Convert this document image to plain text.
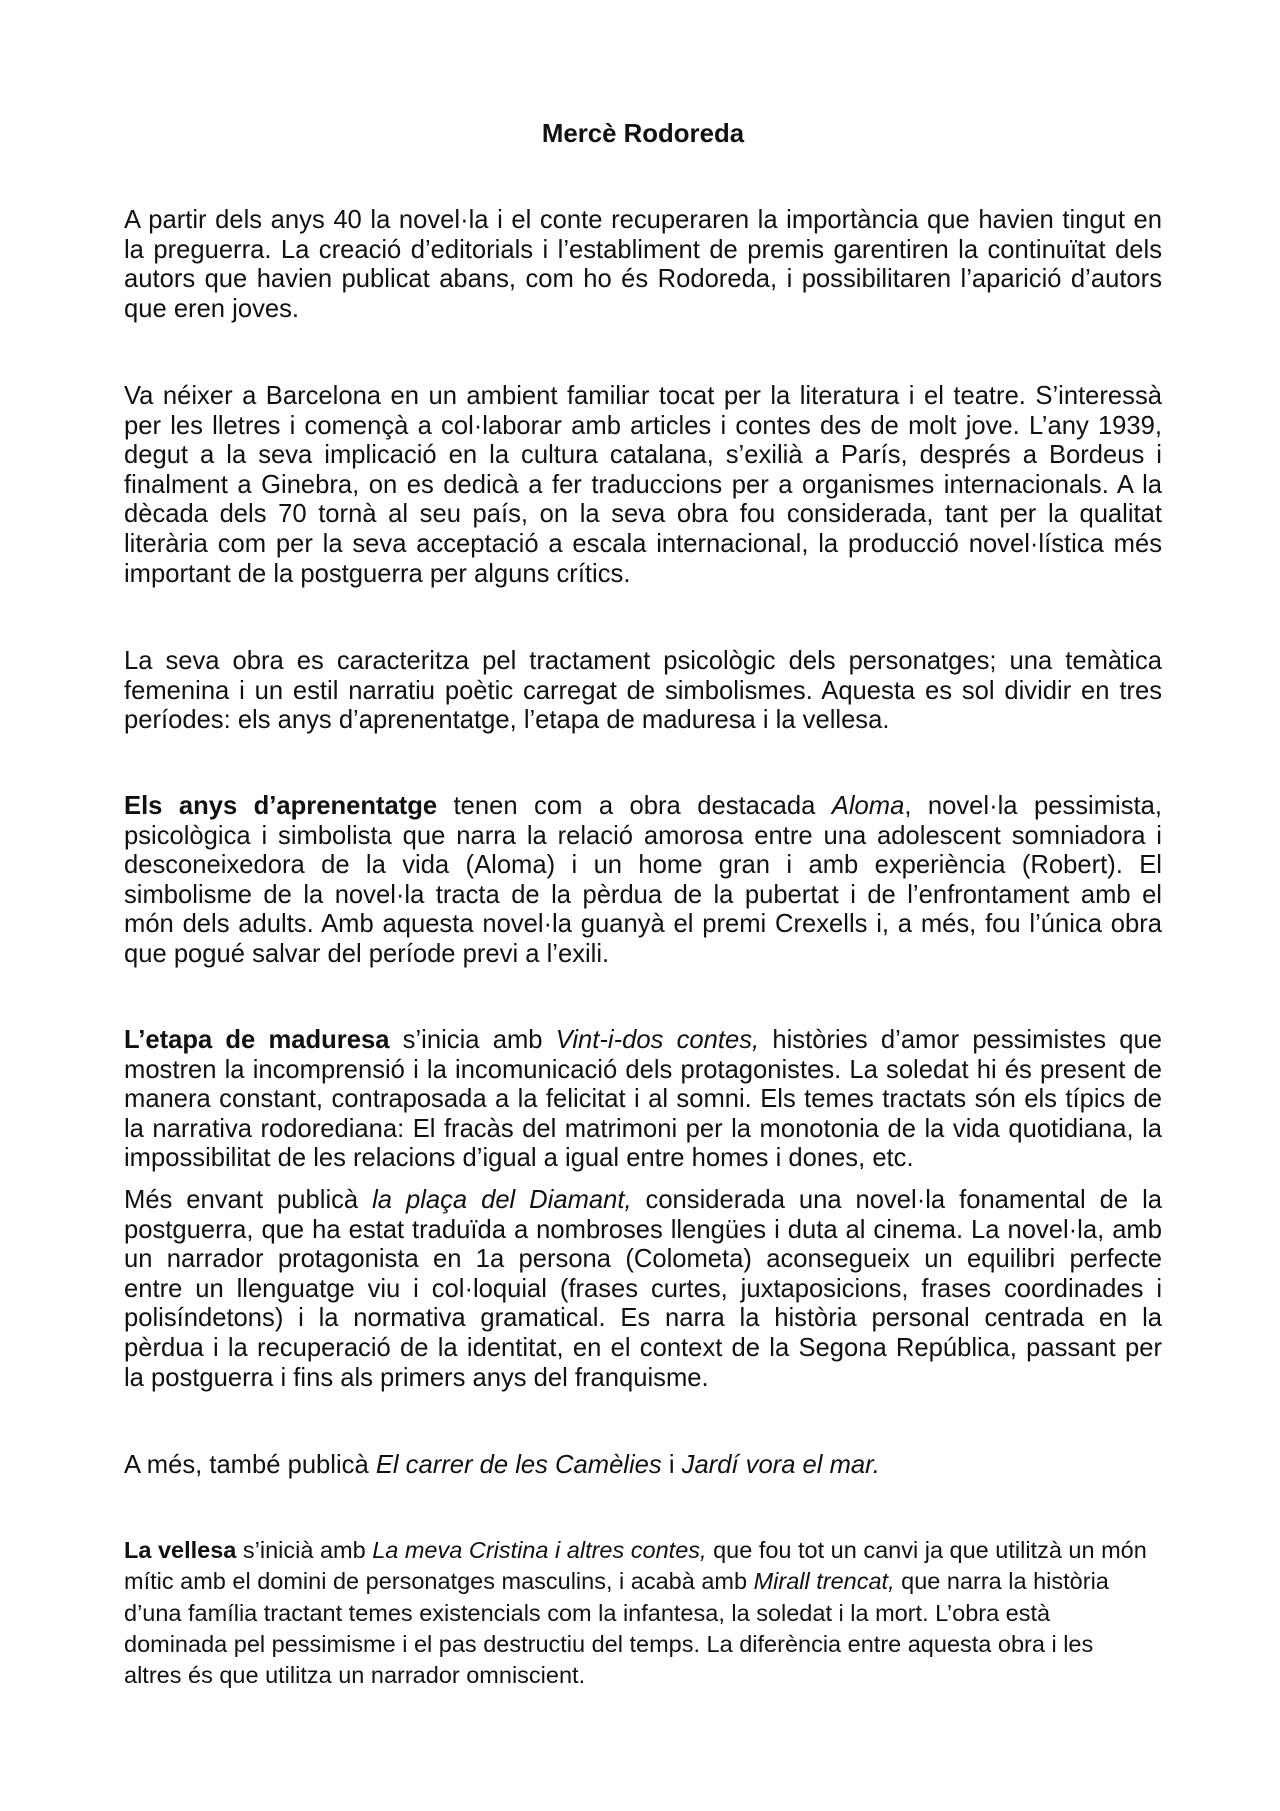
Mercè Rodoreda
A partir dels anys 40 la novel·la i el conte recuperaren la importància que havien tingut en
la preguerra. La creació d’editorials i l’establiment de premis garentiren la continuïtat dels
autors que havien publicat abans, com ho és Rodoreda, i possibilitaren l’aparició d’autors
que eren joves.
Va néixer a Barcelona en un ambient familiar tocat per la literatura i el teatre. S’interessà
per les lletres i començà a col·laborar amb articles i contes des de molt jove. L’any 1939,
degut a la seva implicació en la cultura catalana, s’exilià a París, després a Bordeus i
finalment a Ginebra, on es dedicà a fer traduccions per a organismes internacionals. A la
dècada dels 70 tornà al seu país, on la seva obra fou considerada, tant per la qualitat
literària com per la seva acceptació a escala internacional, la producció novel·lística més
important de la postguerra per alguns crítics.
La seva obra es caracteritza pel tractament psicològic dels personatges; una temàtica
femenina i un estil narratiu poètic carregat de simbolismes. Aquesta es sol dividir en tres
períodes: els anys d’aprenentatge, l’etapa de maduresa i la vellesa.
Els anys d’aprenentatge tenen com a obra destacada Aloma, novel·la pessimista,
psicològica i simbolista que narra la relació amorosa entre una adolescent somniadora i
desconeixedora de la vida (Aloma) i un home gran i amb experiència (Robert). El
simbolisme de la novel·la tracta de la pèrdua de la pubertat i de l’enfrontament amb el
món dels adults. Amb aquesta novel·la guanyà el premi Crexells i, a més, fou l’única obra
que pogué salvar del període previ a l’exili.
L’etapa de maduresa s’inicia amb Vint-i-dos contes, històries d’amor pessimistes que
mostren la incomprensió i la incomunicació dels protagonistes. La soledat hi és present de
manera constant, contraposada a la felicitat i al somni. Els temes tractats són els típics de
la narrativa rodorediana: El fracàs del matrimoni per la monotonia de la vida quotidiana, la
impossibilitat de les relacions d’igual a igual entre homes i dones, etc.
Més envant publicà la plaça del Diamant, considerada una novel·la fonamental de la
postguerra, que ha estat traduïda a nombroses llengües i duta al cinema. La novel·la, amb
un narrador protagonista en 1a persona (Colometa) aconsegueix un equilibri perfecte
entre un llenguatge viu i col·loquial (frases curtes, juxtaposicions, frases coordinades i
polisíndetons) i la normativa gramatical. Es narra la història personal centrada en la
pèrdua i la recuperació de la identitat, en el context de la Segona República, passant per
la postguerra i fins als primers anys del franquisme.
A més, també publicà El carrer de les Camèlies i Jardí vora el mar.
La vellesa s’inicià amb La meva Cristina i altres contes, que fou tot un canvi ja que utilitzà un món
mític amb el domini de personatges masculins, i acabà amb Mirall trencat, que narra la història
d’una família tractant temes existencials com la infantesa, la soledat i la mort. L’obra està
dominada pel pessimisme i el pas destructiu del temps. La diferència entre aquesta obra i les
altres és que utilitza un narrador omniscient.
